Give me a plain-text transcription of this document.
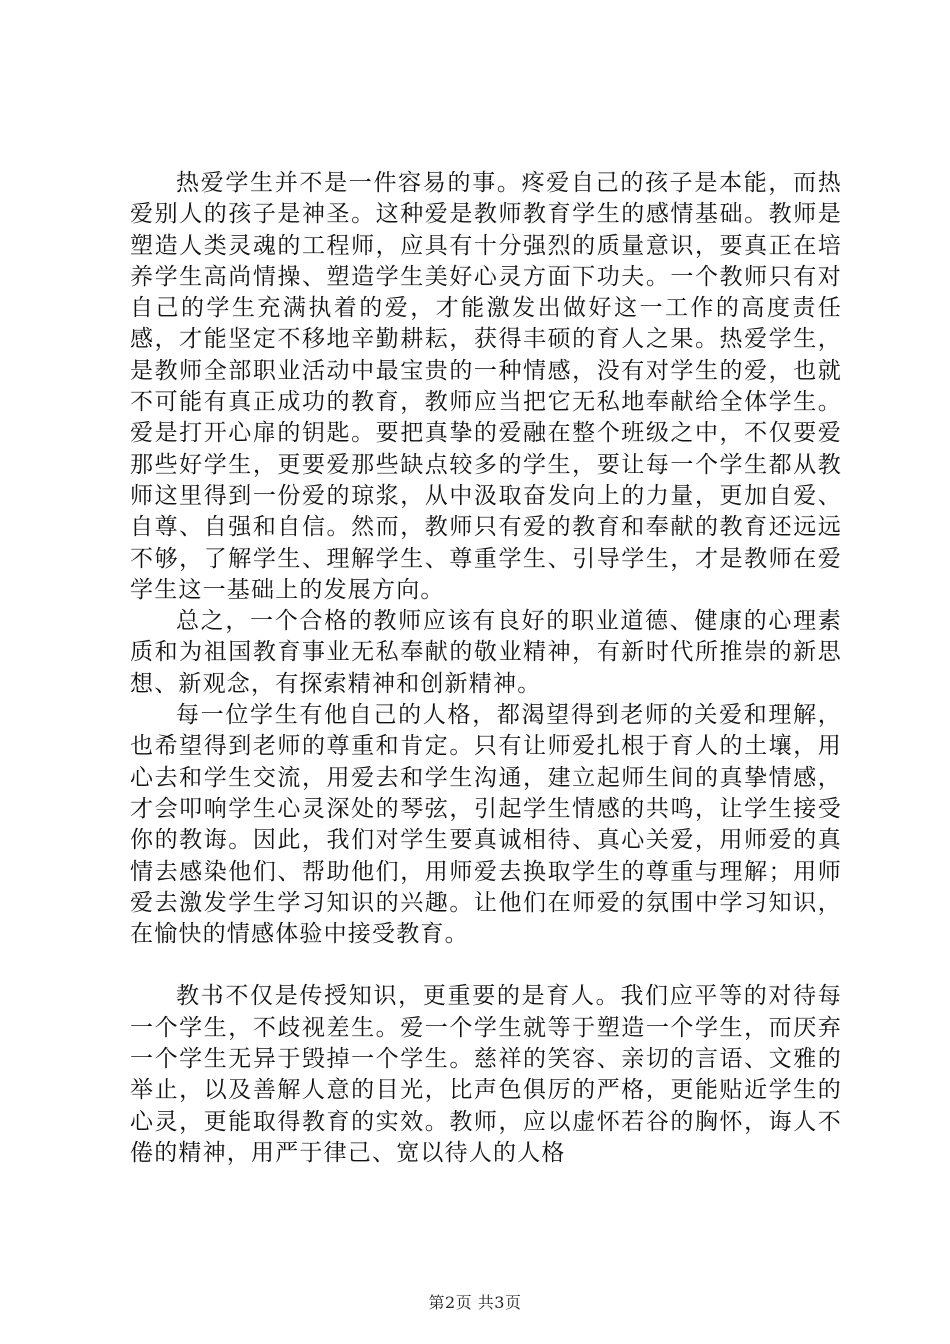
热爱学生并不是一件容易的事。疼爱自己的孩子是本能，而热爱别人的孩子是神圣。这种爱是教师教育学生的感情基础。教师是塑造人类灵魂的工程师，应具有十分强烈的质量意识，要真正在培养学生高尚情操、塑造学生美好心灵方面下功夫。一个教师只有对自己的学生充满执着的爱，才能激发出做好这一工作的高度责任感，才能坚定不移地辛勤耕耘，获得丰硕的育人之果。热爱学生，是教师全部职业活动中最宝贵的一种情感，没有对学生的爱，也就不可能有真正成功的教育，教师应当把它无私地奉献给全体学生。爱是打开心扉的钥匙。要把真挚的爱融在整个班级之中，不仅要爱那些好学生，更要爱那些缺点较多的学生，要让每一个学生都从教师这里得到一份爱的琼浆，从中汲取奋发向上的力量，更加自爱、自尊、自强和自信。然而，教师只有爱的教育和奉献的教育还远远不够，了解学生、理解学生、尊重学生、引导学生，才是教师在爱学生这一基础上的发展方向。

总之，一个合格的教师应该有良好的职业道德、健康的心理素质和为祖国教育事业无私奉献的敬业精神，有新时代所推崇的新思想、新观念，有探索精神和创新精神。

每一位学生有他自己的人格，都渴望得到老师的关爱和理解，也希望得到老师的尊重和肯定。只有让师爱扎根于育人的土壤，用心去和学生交流，用爱去和学生沟通，建立起师生间的真挚情感，才会叩响学生心灵深处的琴弦，引起学生情感的共鸣，让学生接受你的教诲。因此，我们对学生要真诚相待、真心关爱，用师爱的真情去感染他们、帮助他们，用师爱去换取学生的尊重与理解；用师爱去激发学生学习知识的兴趣。让他们在师爱的氛围中学习知识，在愉快的情感体验中接受教育。

教书不仅是传授知识，更重要的是育人。我们应平等的对待每一个学生，不歧视差生。爱一个学生就等于塑造一个学生，而厌弃一个学生无异于毁掉一个学生。慈祥的笑容、亲切的言语、文雅的举止，以及善解人意的目光，比声色俱厉的严格，更能贴近学生的心灵，更能取得教育的实效。教师，应以虚怀若谷的胸怀，诲人不倦的精神，用严于律己、宽以待人的人格

第2页 共3页
